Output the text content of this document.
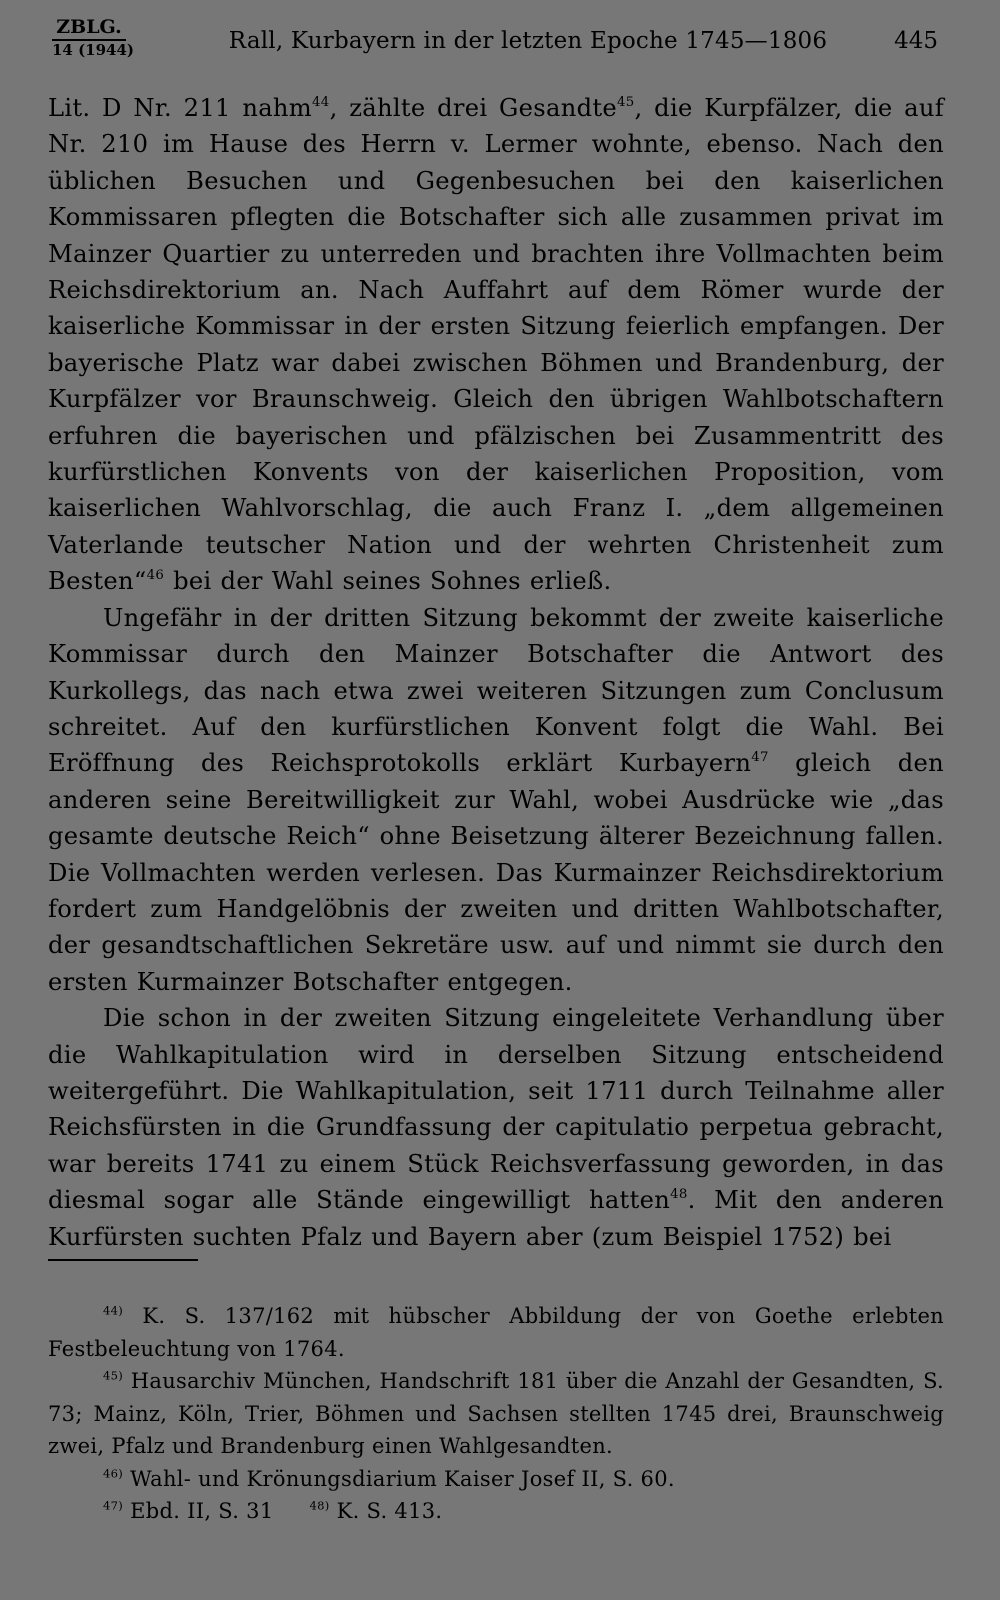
ZBLG.
14 (1944)	Rall, Kurbayern in der letzten Epoche 1745—1806	445

Lit. D Nr. 211 nahm$^{44}$, zählte drei Gesandte$^{45}$, die Kurpfälzer, die auf Nr. 210 im Hause des Herrn v. Lermer wohnte, ebenso. Nach den üblichen Besuchen und Gegenbesuchen bei den kaiserlichen Kommissaren pflegten die Botschafter sich alle zusammen privat im Mainzer Quartier zu unterreden und brachten ihre Vollmachten beim Reichsdirektorium an. Nach Auffahrt auf dem Römer wurde der kaiserliche Kommissar in der ersten Sitzung feierlich empfangen. Der bayerische Platz war dabei zwischen Böhmen und Brandenburg, der Kurpfälzer vor Braunschweig. Gleich den übrigen Wahlbotschaftern erfuhren die bayerischen und pfälzischen bei Zusammentritt des kurfürstlichen Konvents von der kaiserlichen Proposition, vom kaiserlichen Wahlvorschlag, die auch Franz I. „dem allgemeinen Vaterlande teutscher Nation und der wehrten Christenheit zum Besten“$^{46}$ bei der Wahl seines Sohnes erließ.

Ungefähr in der dritten Sitzung bekommt der zweite kaiserliche Kommissar durch den Mainzer Botschafter die Antwort des Kurkollegs, das nach etwa zwei weiteren Sitzungen zum Conclusum schreitet. Auf den kurfürstlichen Konvent folgt die Wahl. Bei Eröffnung des Reichsprotokolls erklärt Kurbayern$^{47}$ gleich den anderen seine Bereitwilligkeit zur Wahl, wobei Ausdrücke wie „das gesamte deutsche Reich“ ohne Beisetzung älterer Bezeichnung fallen. Die Vollmachten werden verlesen. Das Kurmainzer Reichsdirektorium fordert zum Handgelöbnis der zweiten und dritten Wahlbotschafter, der gesandtschaftlichen Sekretäre usw. auf und nimmt sie durch den ersten Kurmainzer Botschafter entgegen.

Die schon in der zweiten Sitzung eingeleitete Verhandlung über die Wahlkapitulation wird in derselben Sitzung entscheidend weitergeführt. Die Wahlkapitulation, seit 1711 durch Teilnahme aller Reichsfürsten in die Grundfassung der capitulatio perpetua gebracht, war bereits 1741 zu einem Stück Reichsverfassung geworden, in das diesmal sogar alle Stände eingewilligt hatten$^{48}$. Mit den anderen Kurfürsten suchten Pfalz und Bayern aber (zum Beispiel 1752) bei

$^{44)}$ K. S. 137/162 mit hübscher Abbildung der von Goethe erlebten Festbeleuchtung von 1764.

$^{45)}$ Hausarchiv München, Handschrift 181 über die Anzahl der Gesandten, S. 73; Mainz, Köln, Trier, Böhmen und Sachsen stellten 1745 drei, Braunschweig zwei, Pfalz und Brandenburg einen Wahlgesandten.

$^{46)}$ Wahl- und Krönungsdiarium Kaiser Josef II, S. 60.

$^{47)}$ Ebd. II, S. 31	$^{48)}$ K. S. 413.
